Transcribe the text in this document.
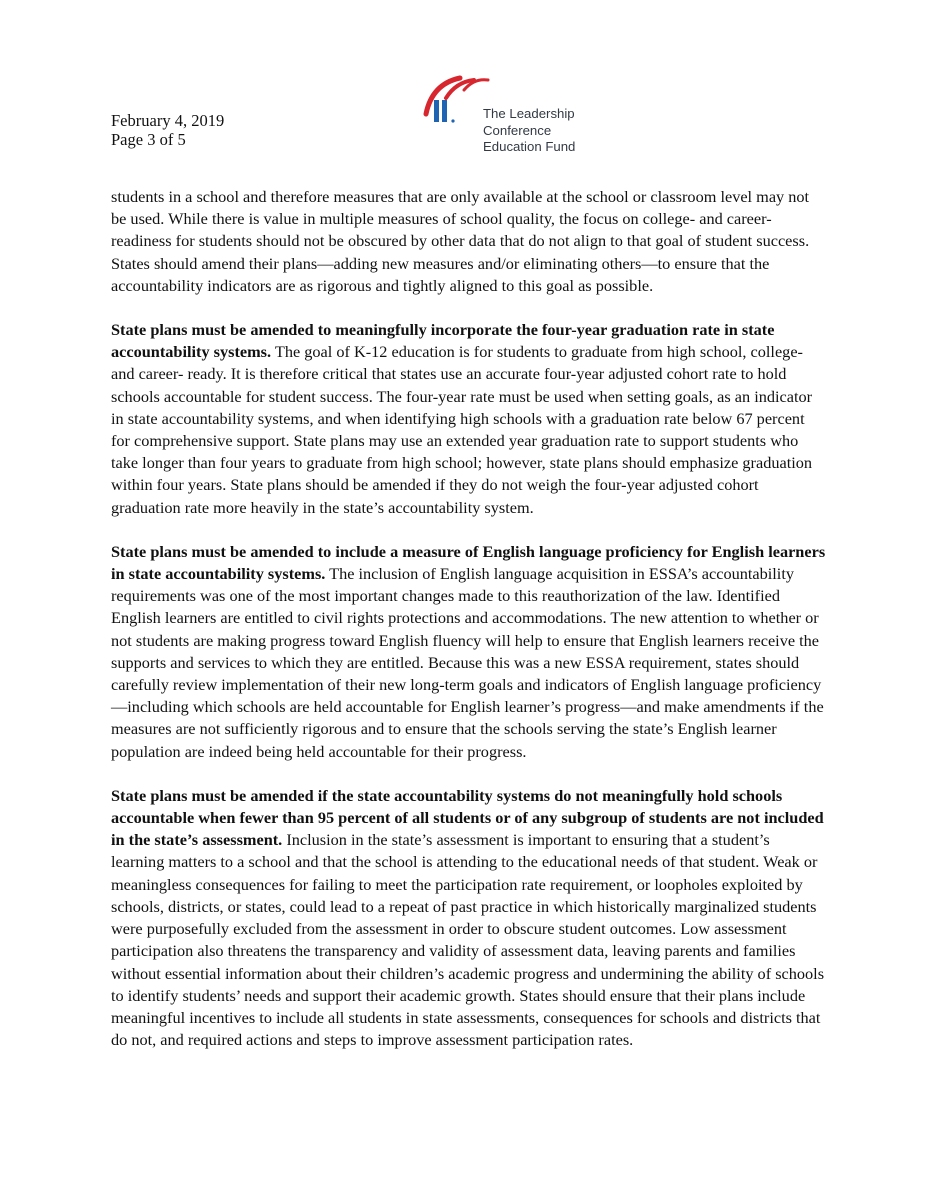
February 4, 2019
Page 3 of 5
The Leadership
Conference
Education Fund

students in a school and therefore measures that are only available at the school or classroom level may not be used. While there is value in multiple measures of school quality, the focus on college- and career-readiness for students should not be obscured by other data that do not align to that goal of student success. States should amend their plans—adding new measures and/or eliminating others—to ensure that the accountability indicators are as rigorous and tightly aligned to this goal as possible.

State plans must be amended to meaningfully incorporate the four-year graduation rate in state accountability systems. The goal of K-12 education is for students to graduate from high school, college- and career- ready. It is therefore critical that states use an accurate four-year adjusted cohort rate to hold schools accountable for student success. The four-year rate must be used when setting goals, as an indicator in state accountability systems, and when identifying high schools with a graduation rate below 67 percent for comprehensive support. State plans may use an extended year graduation rate to support students who take longer than four years to graduate from high school; however, state plans should emphasize graduation within four years. State plans should be amended if they do not weigh the four-year adjusted cohort graduation rate more heavily in the state’s accountability system.

State plans must be amended to include a measure of English language proficiency for English learners in state accountability systems. The inclusion of English language acquisition in ESSA’s accountability requirements was one of the most important changes made to this reauthorization of the law. Identified English learners are entitled to civil rights protections and accommodations. The new attention to whether or not students are making progress toward English fluency will help to ensure that English learners receive the supports and services to which they are entitled. Because this was a new ESSA requirement, states should carefully review implementation of their new long-term goals and indicators of English language proficiency—including which schools are held accountable for English learner’s progress—and make amendments if the measures are not sufficiently rigorous and to ensure that the schools serving the state’s English learner population are indeed being held accountable for their progress.

State plans must be amended if the state accountability systems do not meaningfully hold schools accountable when fewer than 95 percent of all students or of any subgroup of students are not included in the state’s assessment. Inclusion in the state’s assessment is important to ensuring that a student’s learning matters to a school and that the school is attending to the educational needs of that student. Weak or meaningless consequences for failing to meet the participation rate requirement, or loopholes exploited by schools, districts, or states, could lead to a repeat of past practice in which historically marginalized students were purposefully excluded from the assessment in order to obscure student outcomes. Low assessment participation also threatens the transparency and validity of assessment data, leaving parents and families without essential information about their children’s academic progress and undermining the ability of schools to identify students’ needs and support their academic growth. States should ensure that their plans include meaningful incentives to include all students in state assessments, consequences for schools and districts that do not, and required actions and steps to improve assessment participation rates.
